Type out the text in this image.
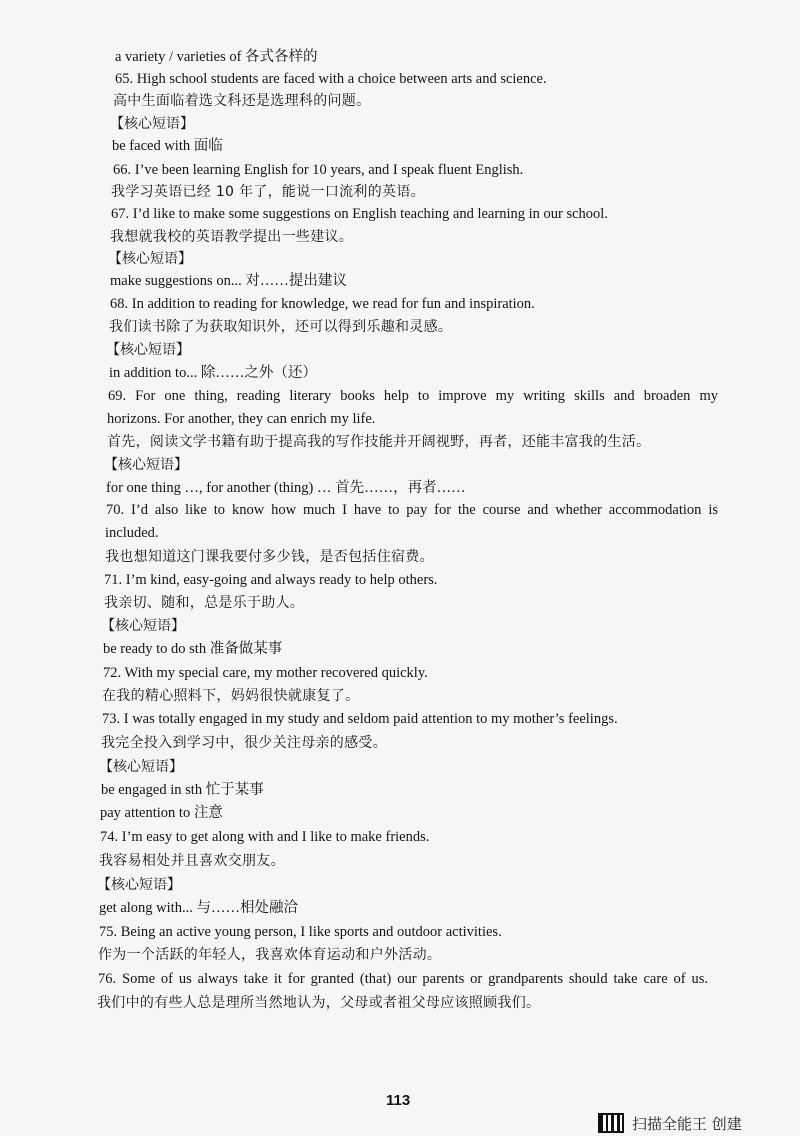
a variety / varieties of 各式各样的
65. High school students are faced with a choice between arts and science.
高中生面临着选文科还是选理科的问题。
【核心短语】
be faced with 面临
66. I’ve been learning English for 10 years, and I speak fluent English.
我学习英语已经 10 年了，能说一口流利的英语。
67. I’d like to make some suggestions on English teaching and learning in our school.
我想就我校的英语教学提出一些建议。
【核心短语】
make suggestions on... 对……提出建议
68. In addition to reading for knowledge, we read for fun and inspiration.
我们读书除了为获取知识外，还可以得到乐趣和灵感。
【核心短语】
in addition to... 除……之外（还）
69. For one thing, reading literary books help to improve my writing skills and broaden my
horizons. For another, they can enrich my life.
首先，阅读文学书籍有助于提高我的写作技能并开阔视野，再者，还能丰富我的生活。
【核心短语】
for one thing …, for another (thing) … 首先……，再者……
70. I’d also like to know how much I have to pay for the course and whether accommodation is
included.
我也想知道这门课我要付多少钱，是否包括住宿费。
71. I’m kind, easy-going and always ready to help others.
我亲切、随和，总是乐于助人。
【核心短语】
be ready to do sth 准备做某事
72. With my special care, my mother recovered quickly.
在我的精心照料下，妈妈很快就康复了。
73. I was totally engaged in my study and seldom paid attention to my mother’s feelings.
我完全投入到学习中，很少关注母亲的感受。
【核心短语】
be engaged in sth 忙于某事
pay attention to 注意
74. I’m easy to get along with and I like to make friends.
我容易相处并且喜欢交朋友。
【核心短语】
get along with... 与……相处融洽
75. Being an active young person, I like sports and outdoor activities.
作为一个活跃的年轻人，我喜欢体育运动和户外活动。
76. Some of us always take it for granted (that) our parents or grandparents should take care of us.
我们中的有些人总是理所当然地认为，父母或者祖父母应该照顾我们。
113
扫描全能王 创建
